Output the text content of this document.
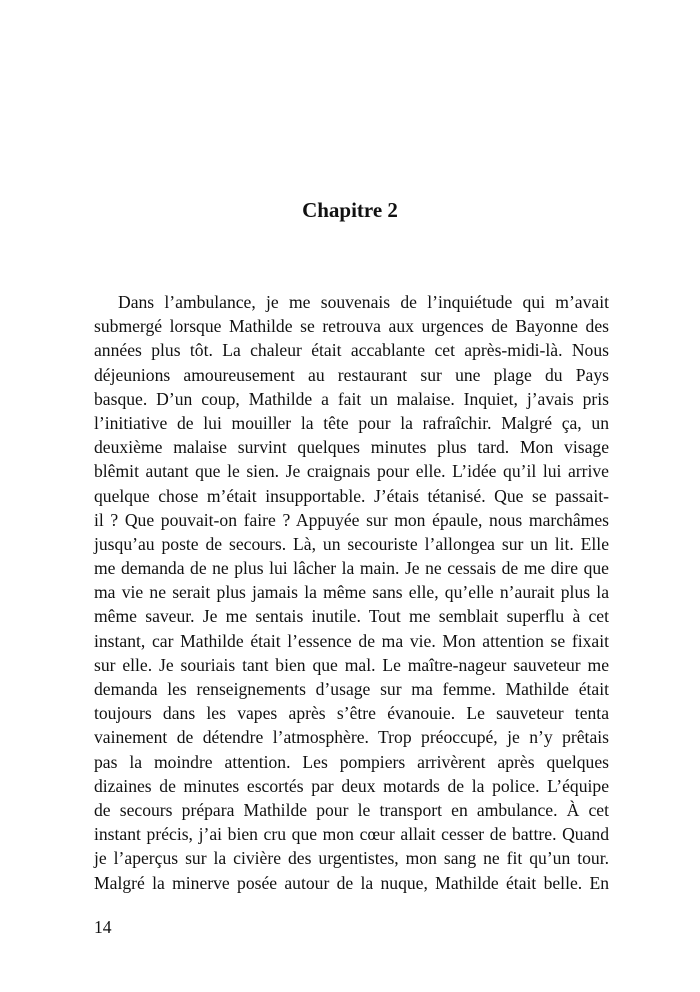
Chapitre 2
Dans l’ambulance, je me souvenais de l’inquiétude qui m’avait
submergé lorsque Mathilde se retrouva aux urgences de Bayonne des
années plus tôt. La chaleur était accablante cet après-midi-là. Nous
déjeunions amoureusement au restaurant sur une plage du Pays
basque. D’un coup, Mathilde a fait un malaise. Inquiet, j’avais pris
l’initiative de lui mouiller la tête pour la rafraîchir. Malgré ça, un
deuxième malaise survint quelques minutes plus tard. Mon visage
blêmit autant que le sien. Je craignais pour elle. L’idée qu’il lui arrive
quelque chose m’était insupportable. J’étais tétanisé. Que se passait-
il ? Que pouvait-on faire ? Appuyée sur mon épaule, nous marchâmes
jusqu’au poste de secours. Là, un secouriste l’allongea sur un lit. Elle
me demanda de ne plus lui lâcher la main. Je ne cessais de me dire que
ma vie ne serait plus jamais la même sans elle, qu’elle n’aurait plus la
même saveur. Je me sentais inutile. Tout me semblait superflu à cet
instant, car Mathilde était l’essence de ma vie. Mon attention se fixait
sur elle. Je souriais tant bien que mal. Le maître-nageur sauveteur me
demanda les renseignements d’usage sur ma femme. Mathilde était
toujours dans les vapes après s’être évanouie. Le sauveteur tenta
vainement de détendre l’atmosphère. Trop préoccupé, je n’y prêtais
pas la moindre attention. Les pompiers arrivèrent après quelques
dizaines de minutes escortés par deux motards de la police. L’équipe
de secours prépara Mathilde pour le transport en ambulance. À cet
instant précis, j’ai bien cru que mon cœur allait cesser de battre. Quand
je l’aperçus sur la civière des urgentistes, mon sang ne fit qu’un tour.
Malgré la minerve posée autour de la nuque, Mathilde était belle. En
14
